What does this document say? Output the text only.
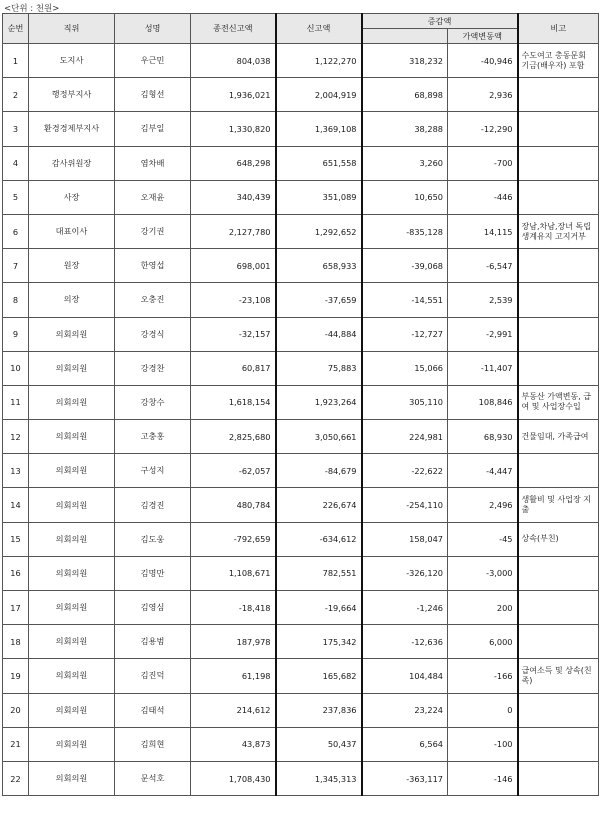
<단위 : 천원>
순번	직위	성명	종전신고액	신고액	증감액		비고
						가액변동액	
1	도지사	우근민	804,038	1,122,270	318,232	-40,946	수도여고 총동문회 기금(배우자) 포함
2	행정부지사	김형선	1,936,021	2,004,919	68,898	2,936	
3	환경경제부지사	김부일	1,330,820	1,369,108	38,288	-12,290	
4	감사위원장	염차배	648,298	651,558	3,260	-700	
5	사장	오재윤	340,439	351,089	10,650	-446	
6	대표이사	강기권	2,127,780	1,292,652	-835,128	14,115	장남,차남,장녀 독립생계유지 고지거부
7	원장	한영섭	698,001	658,933	-39,068	-6,547	
8	의장	오충진	-23,108	-37,659	-14,551	2,539	
9	의회의원	강경식	-32,157	-44,884	-12,727	-2,991	
10	의회의원	강경찬	60,817	75,883	15,066	-11,407	
11	의회의원	강창수	1,618,154	1,923,264	305,110	108,846	부동산 가액변동, 급여 및 사업장수입
12	의회의원	고충홍	2,825,680	3,050,661	224,981	68,930	건물임대, 가족급여
13	의회의원	구성지	-62,057	-84,679	-22,622	-4,447	
14	의회의원	김경진	480,784	226,674	-254,110	2,496	생활비 및 사업장 지출
15	의회의원	김도웅	-792,659	-634,612	158,047	-45	상속(부친)
16	의회의원	김명만	1,108,671	782,551	-326,120	-3,000	
17	의회의원	김영심	-18,418	-19,664	-1,246	200	
18	의회의원	김용범	187,978	175,342	-12,636	6,000	
19	의회의원	김진덕	61,198	165,682	104,484	-166	급여소득 및 상속(친족)
20	의회의원	김태석	214,612	237,836	23,224	0	
21	의회의원	김희현	43,873	50,437	6,564	-100	
22	의회의원	문석호	1,708,430	1,345,313	-363,117	-146	
